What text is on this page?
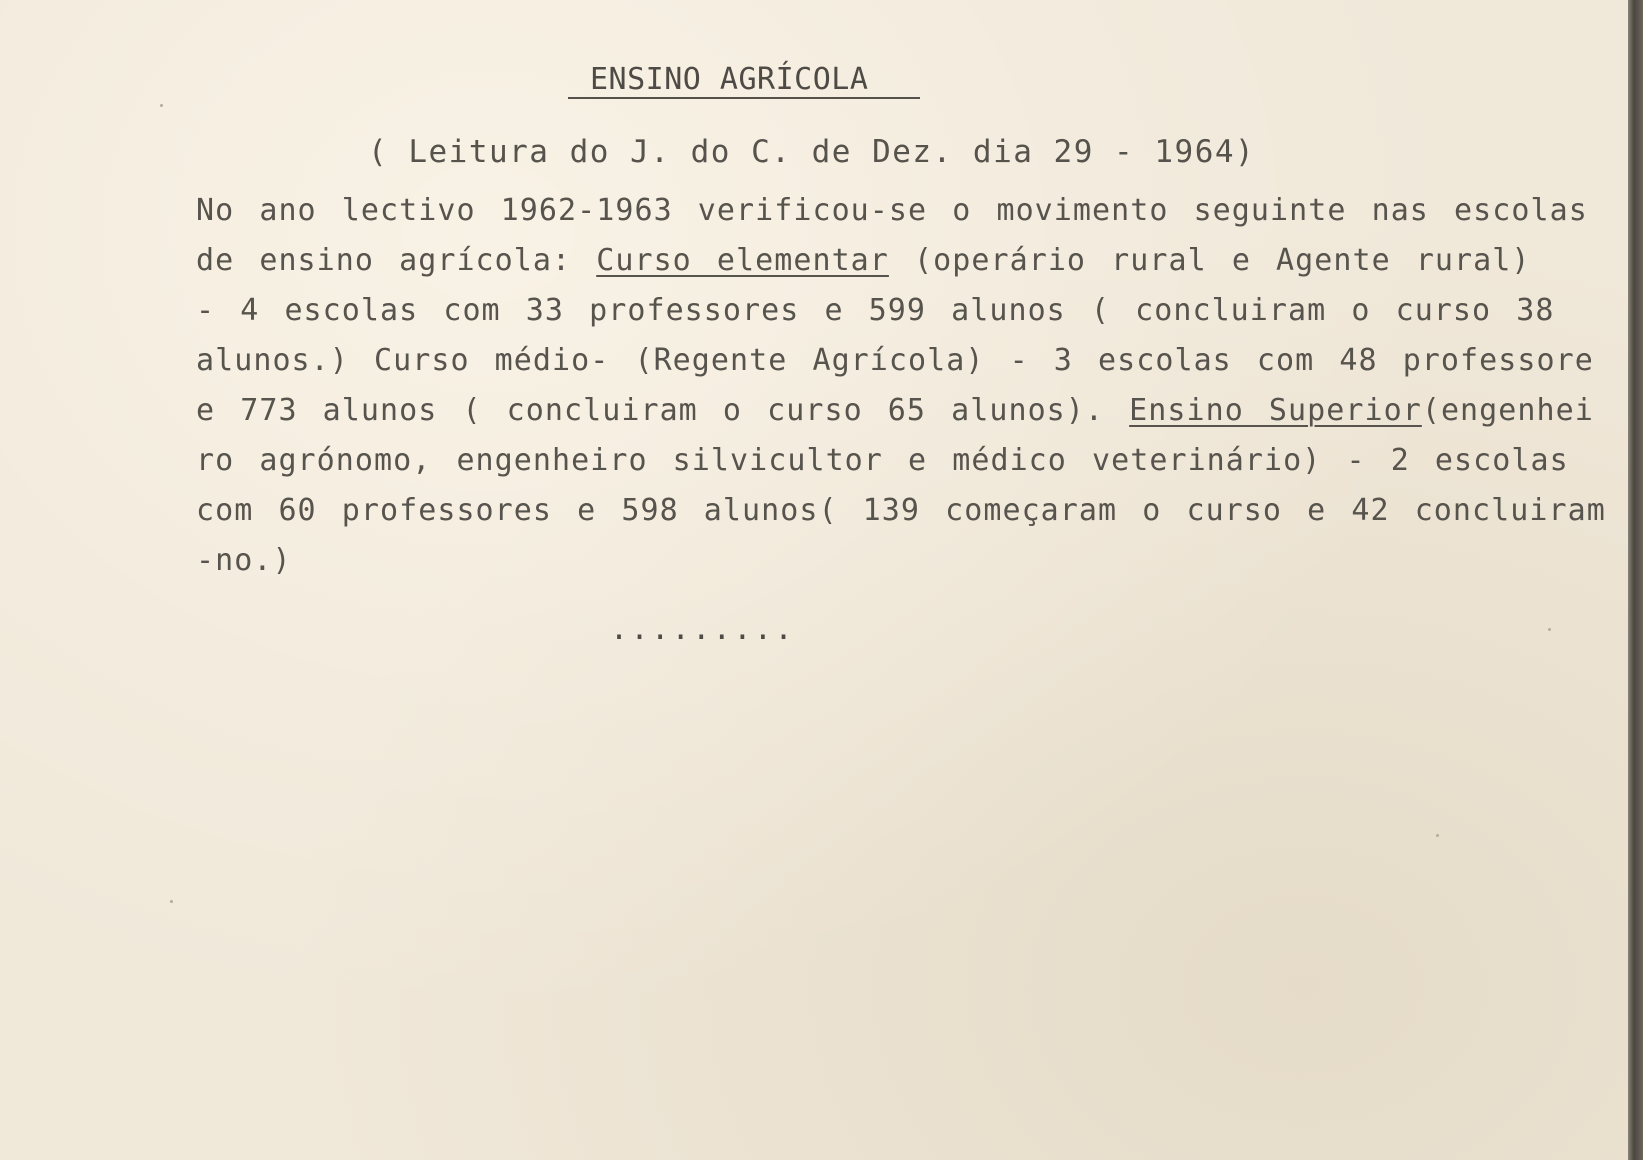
ENSINO AGRÍCOLA
( Leitura do J. do C. de Dez. dia 29 - 1964)
No ano lectivo 1962-1963 verificou-se o movimento seguinte nas escolas
de ensino agrícola: Curso elementar (operário rural e Agente rural)
- 4 escolas com 33 professores e 599 alunos ( concluiram o curso 38
alunos.) Curso médio- (Regente Agrícola) - 3 escolas com 48 professore
e 773 alunos ( concluiram o curso 65 alunos). Ensino Superior(engenhei
ro agrónomo, engenheiro silvicultor e médico veterinário) - 2 escolas
com 60 professores e 598 alunos( 139 começaram o curso e 42 concluiram
-no.)
.........
